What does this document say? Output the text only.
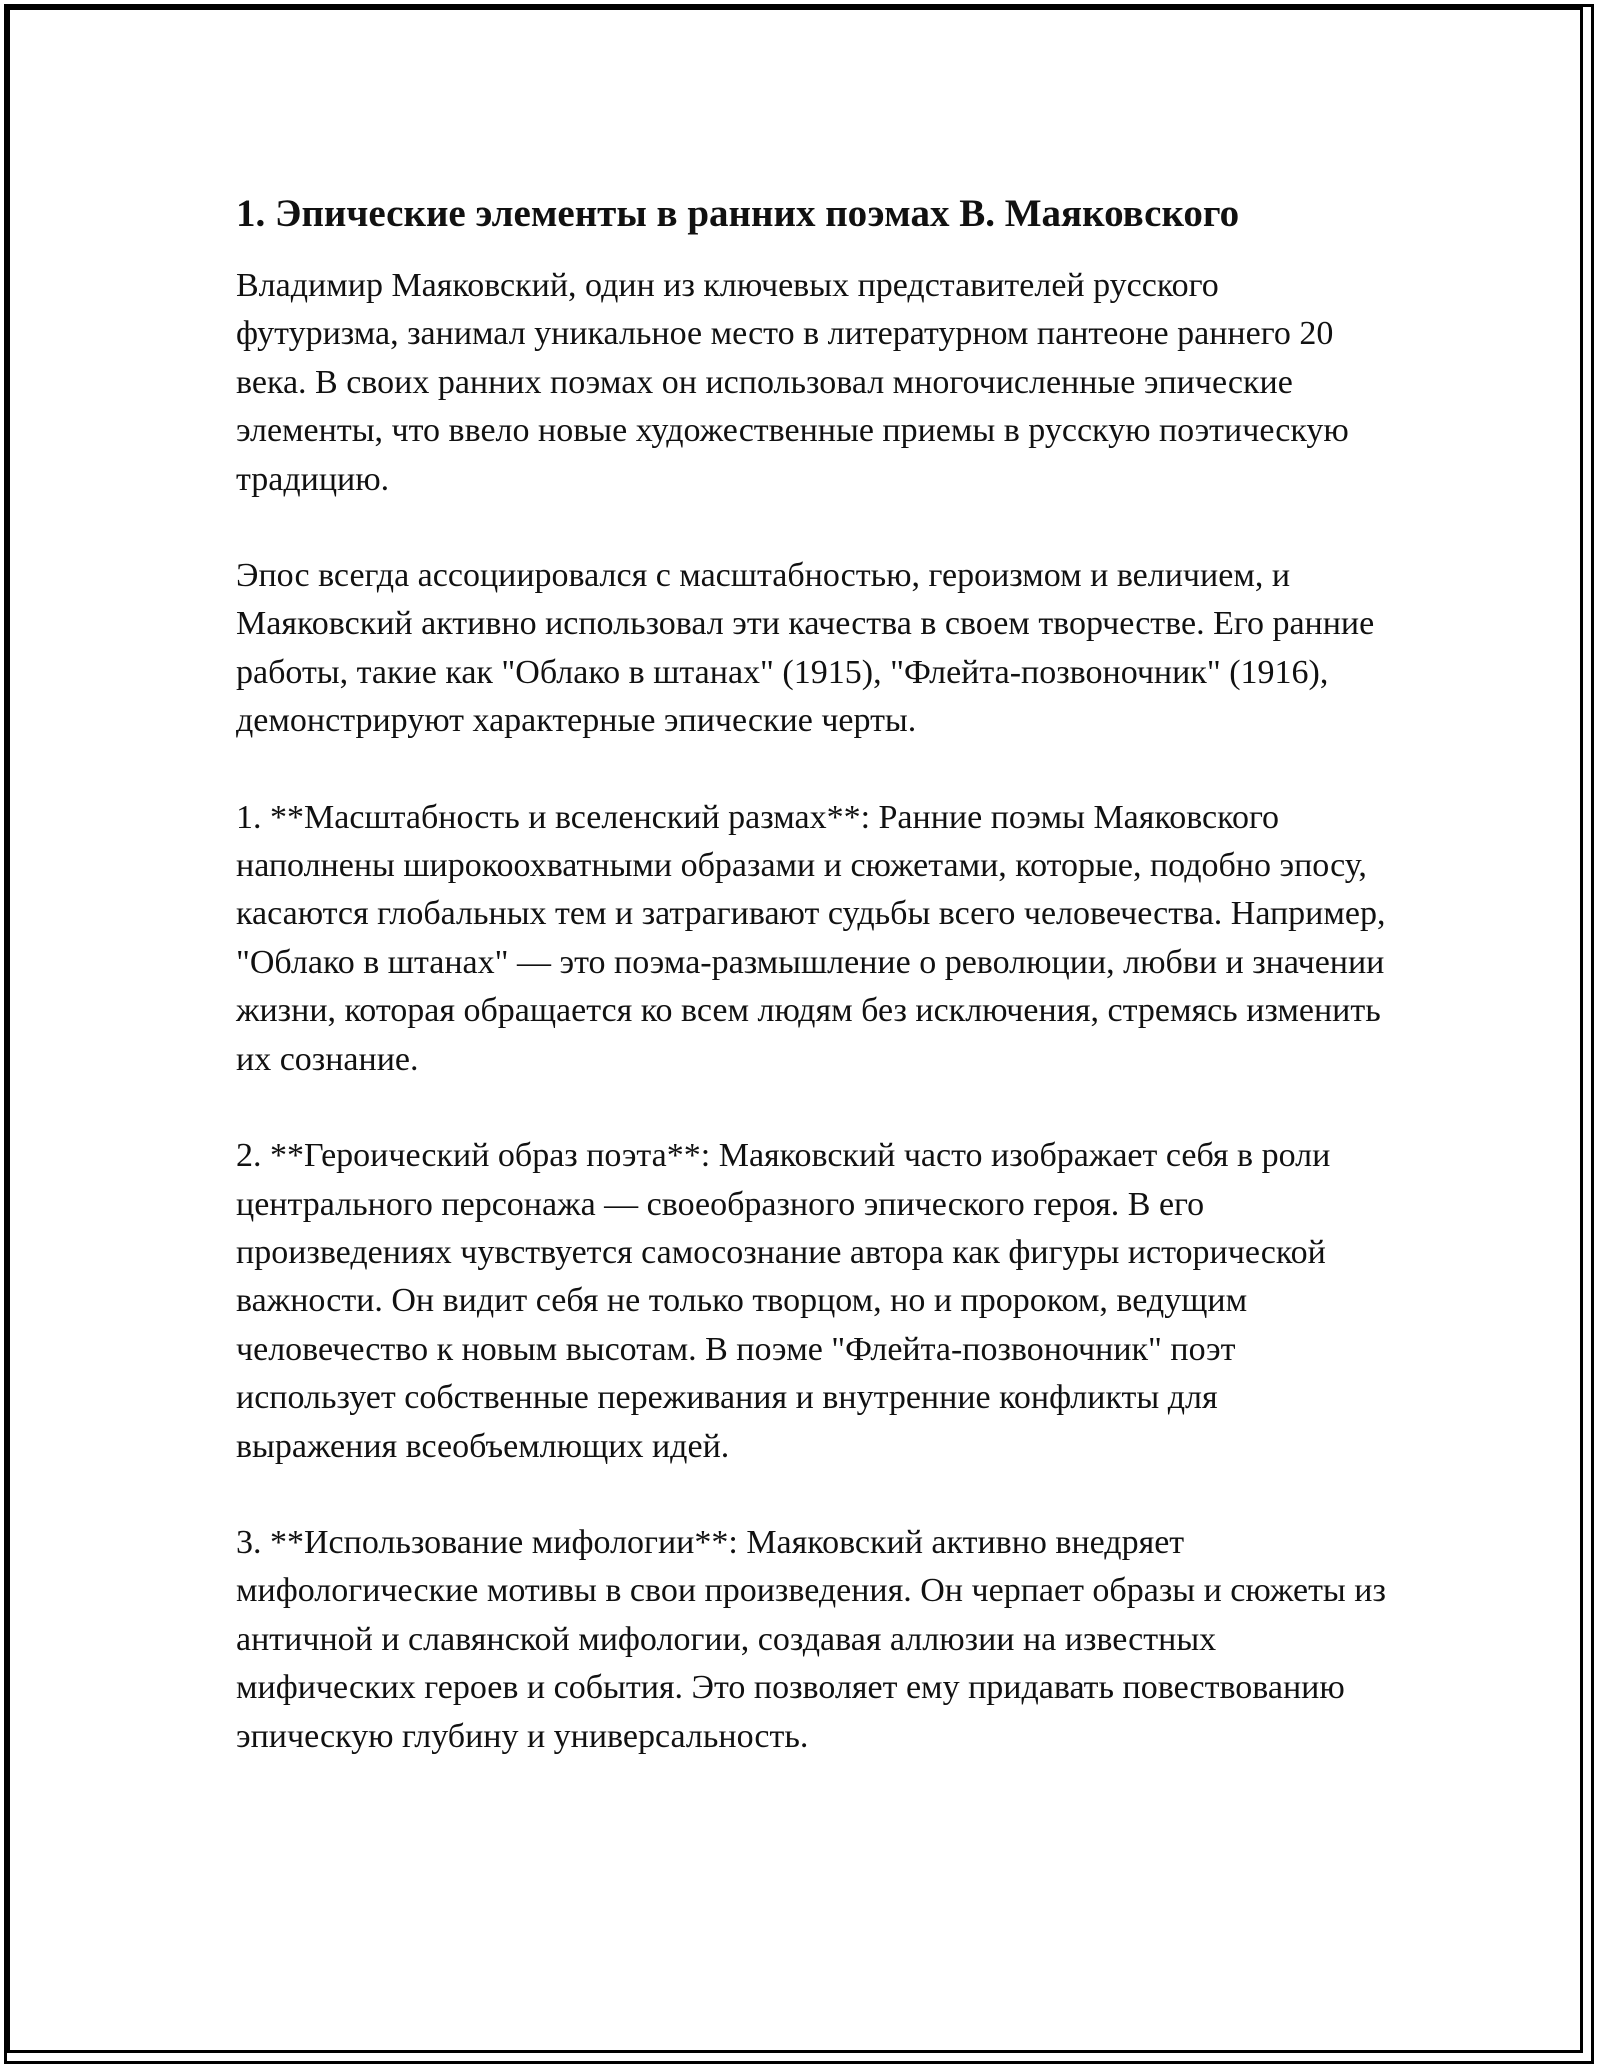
1. Эпические элементы в ранних поэмах В. Маяковского

Владимир Маяковский, один из ключевых представителей русского футуризма, занимал уникальное место в литературном пантеоне раннего 20 века. В своих ранних поэмах он использовал многочисленные эпические элементы, что ввело новые художественные приемы в русскую поэтическую традицию.

Эпос всегда ассоциировался с масштабностью, героизмом и величием, и Маяковский активно использовал эти качества в своем творчестве. Его ранние работы, такие как "Облако в штанах" (1915), "Флейта-позвоночник" (1916), демонстрируют характерные эпические черты.

1. **Масштабность и вселенский размах**: Ранние поэмы Маяковского наполнены широкоохватными образами и сюжетами, которые, подобно эпосу, касаются глобальных тем и затрагивают судьбы всего человечества. Например, "Облако в штанах" — это поэма-размышление о революции, любви и значении жизни, которая обращается ко всем людям без исключения, стремясь изменить их сознание.

2. **Героический образ поэта**: Маяковский часто изображает себя в роли центрального персонажа — своеобразного эпического героя. В его произведениях чувствуется самосознание автора как фигуры исторической важности. Он видит себя не только творцом, но и пророком, ведущим человечество к новым высотам. В поэме "Флейта-позвоночник" поэт использует собственные переживания и внутренние конфликты для выражения всеобъемлющих идей.

3. **Использование мифологии**: Маяковский активно внедряет мифологические мотивы в свои произведения. Он черпает образы и сюжеты из античной и славянской мифологии, создавая аллюзии на известных мифических героев и события. Это позволяет ему придавать повествованию эпическую глубину и универсальность.
